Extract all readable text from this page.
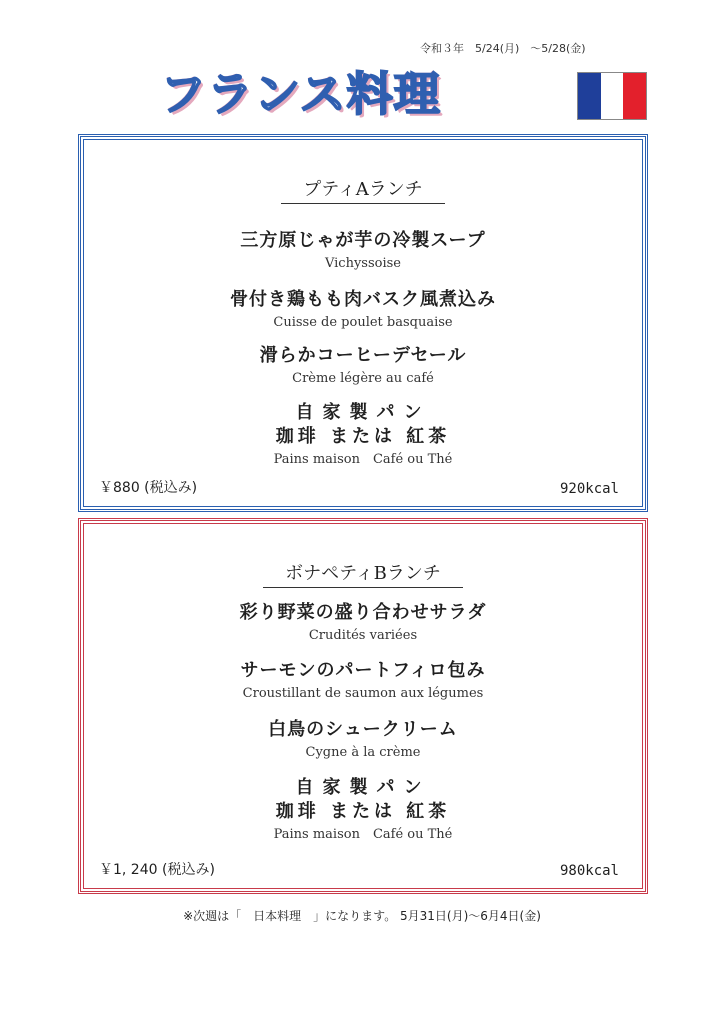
令和３年　5/24(月)　～5/28(金)
フランス料理
プティAランチ
三方原じゃが芋の冷製スープ
Vichyssoise
骨付き鶏もも肉バスク風煮込み
Cuisse de poulet basquaise
滑らかコーヒーデセール
Crème légère au café
自家製パン
珈琲 または 紅茶
Pains maison　Café ou Thé
￥880 (税込み)	920kcal
ボナペティBランチ
彩り野菜の盛り合わせサラダ
Crudités variées
サーモンのパートフィロ包み
Croustillant de saumon aux légumes
白鳥のシュークリーム
Cygne à la crème
自家製パン
珈琲 または 紅茶
Pains maison　Café ou Thé
￥1, 240 (税込み)	980kcal
※次週は「　日本料理　」になります。 5月31日(月)～6月4日(金)
